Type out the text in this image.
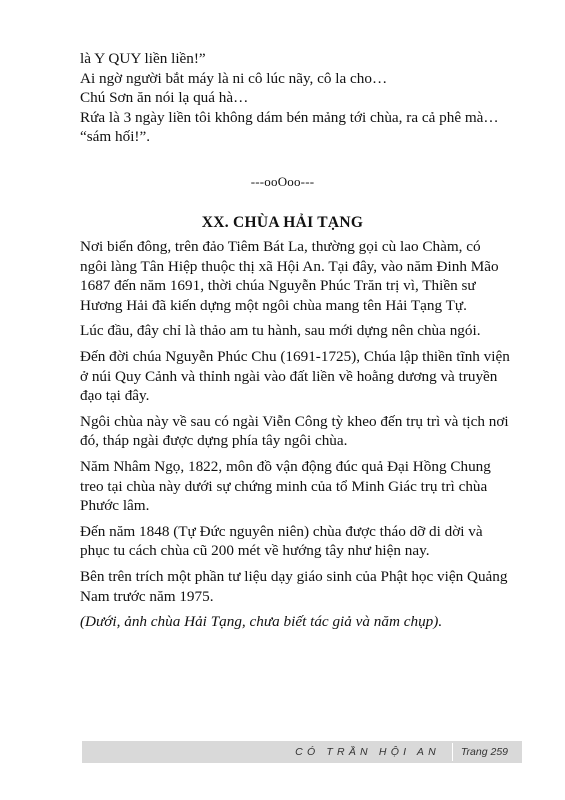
là Y QUY liền liền!”

Ai ngờ người bắt máy là ni cô lúc nãy, cô la cho…

Chú Sơn ăn nói lạ quá hà…

Rứa là 3 ngày liền tôi không dám bén mảng tới chùa, ra cả phê mà…

“sám hối!”.

---ooOoo---
XX. CHÙA HẢI TẠNG

Nơi biển đông, trên đảo Tiêm Bát La, thường gọi cù lao Chàm, có
ngôi làng Tân Hiệp thuộc thị xã Hội An. Tại đây, vào năm Đinh Mão
1687 đến năm 1691, thời chúa Nguyễn Phúc Trăn trị vì, Thiền sư
Hương Hải đã kiến dựng một ngôi chùa mang tên Hải Tạng Tự.

Lúc đầu, đây chỉ là thảo am tu hành, sau mới dựng nên chùa ngói.

Đến đời chúa Nguyễn Phúc Chu (1691-1725), Chúa lập thiền tĩnh viện
ở núi Quy Cảnh và thỉnh ngài vào đất liền về hoằng dương và truyền
đạo tại đây.

Ngôi chùa này về sau có ngài Viễn Công tỳ kheo đến trụ trì và tịch nơi
đó, tháp ngài được dựng phía tây ngôi chùa.

Năm Nhâm Ngọ, 1822, môn đồ vận động đúc quả Đại Hồng Chung
treo tại chùa này dưới sự chứng minh của tổ Minh Giác trụ trì chùa
Phước lâm.

Đến năm 1848 (Tự Đức nguyên niên) chùa được tháo dỡ di dời và
phục tu cách chùa cũ 200 mét về hướng tây như hiện nay.

Bên trên trích một phần tư liệu dạy giáo sinh của Phật học viện Quảng
Nam trước năm 1975.

(Dưới, ảnh chùa Hải Tạng, chưa biết tác giả và năm chụp).

CÓ TRẦN HỘI AN	Trang 259
